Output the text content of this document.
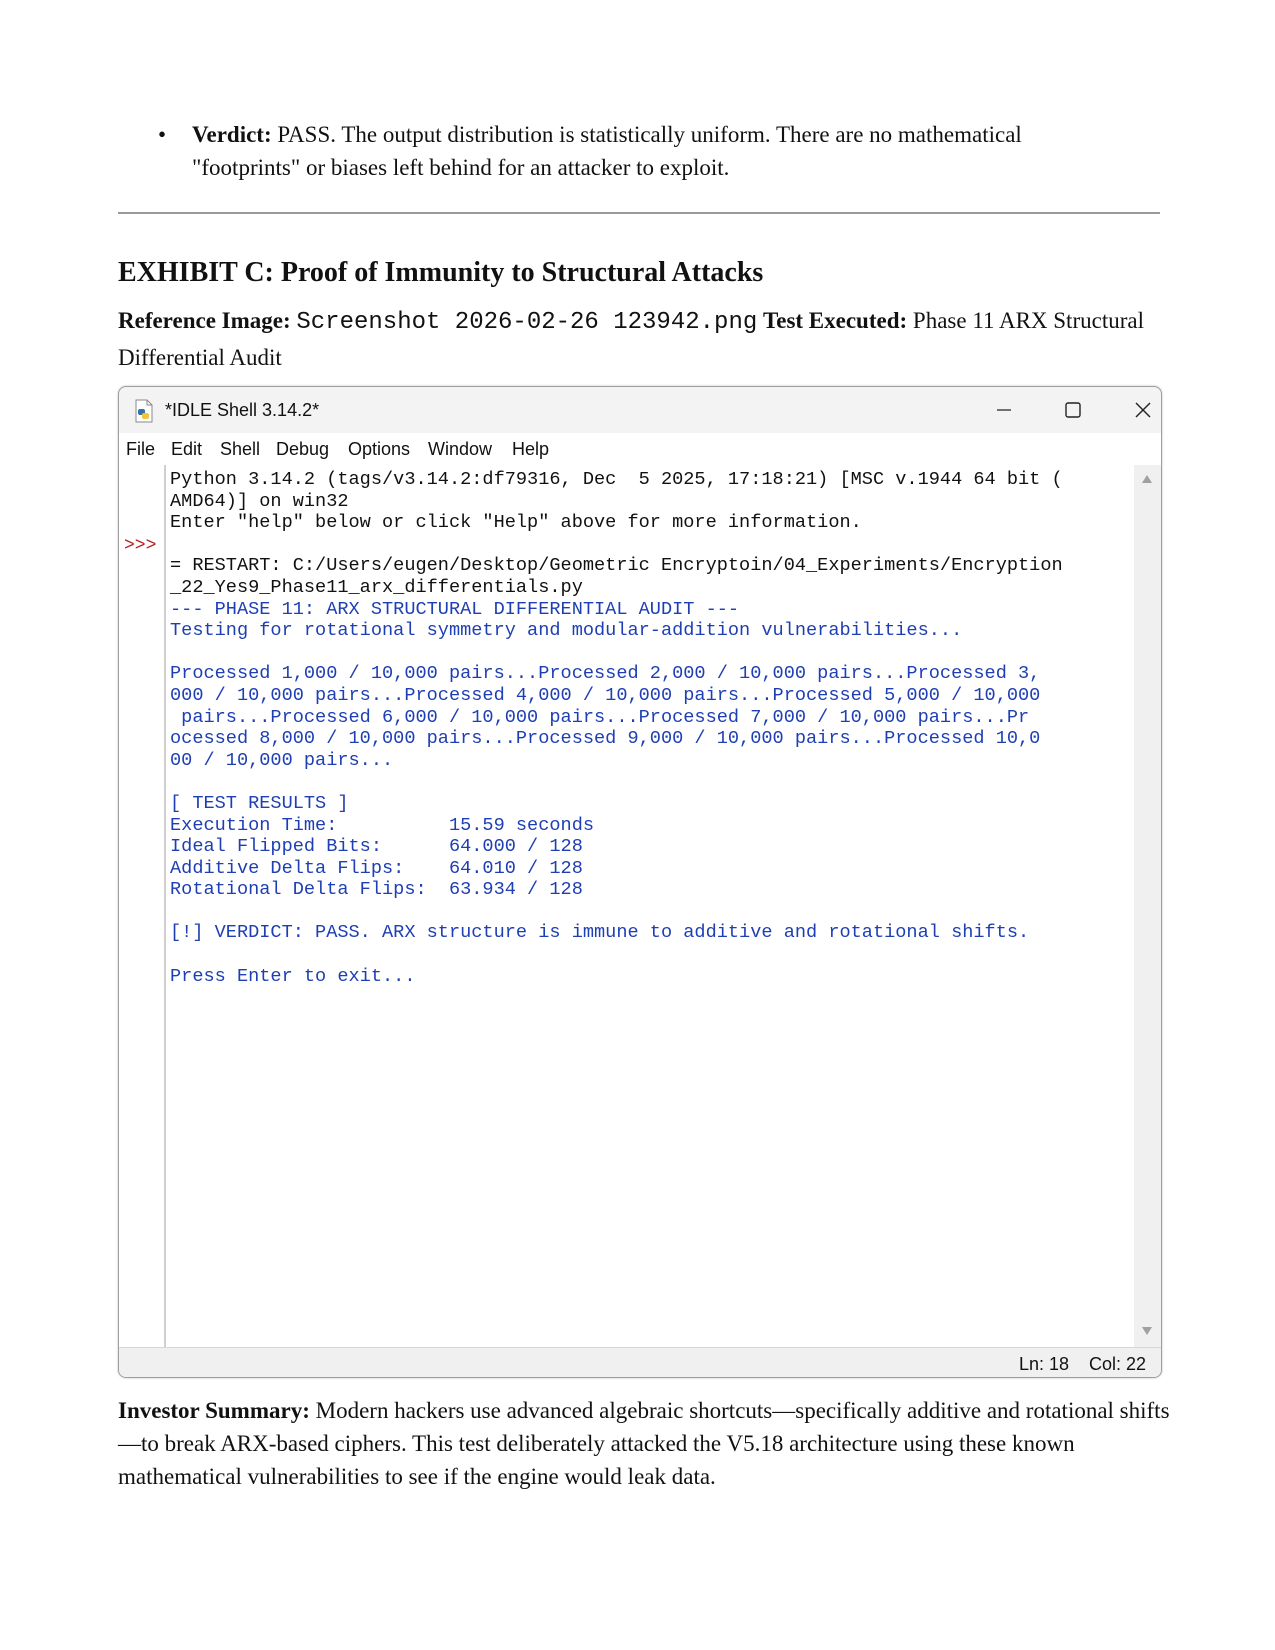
• Verdict: PASS. The output distribution is statistically uniform. There are no mathematical "footprints" or biases left behind for an attacker to exploit.
EXHIBIT C: Proof of Immunity to Structural Attacks
Reference Image: Screenshot 2026-02-26 123942.png Test Executed: Phase 11 ARX Structural Differential Audit
*IDLE Shell 3.14.2*
File Edit Shell Debug Options Window Help
>>>
Python 3.14.2 (tags/v3.14.2:df79316, Dec  5 2025, 17:18:21) [MSC v.1944 64 bit (
AMD64)] on win32
Enter "help" below or click "Help" above for more information.
= RESTART: C:/Users/eugen/Desktop/Geometric Encryptoin/04_Experiments/Encryption
_22_Yes9_Phase11_arx_differentials.py
--- PHASE 11: ARX STRUCTURAL DIFFERENTIAL AUDIT ---
Testing for rotational symmetry and modular-addition vulnerabilities...
Processed 1,000 / 10,000 pairs...Processed 2,000 / 10,000 pairs...Processed 3,
000 / 10,000 pairs...Processed 4,000 / 10,000 pairs...Processed 5,000 / 10,000
pairs...Processed 6,000 / 10,000 pairs...Processed 7,000 / 10,000 pairs...Pr
ocessed 8,000 / 10,000 pairs...Processed 9,000 / 10,000 pairs...Processed 10,0
00 / 10,000 pairs...
[ TEST RESULTS ]
Execution Time:          15.59 seconds
Ideal Flipped Bits:      64.000 / 128
Additive Delta Flips:    64.010 / 128
Rotational Delta Flips:  63.934 / 128
[!] VERDICT: PASS. ARX structure is immune to additive and rotational shifts.
Press Enter to exit...
Ln: 18 Col: 22
Investor Summary: Modern hackers use advanced algebraic shortcuts—specifically additive and rotational shifts—to break ARX-based ciphers. This test deliberately attacked the V5.18 architecture using these known mathematical vulnerabilities to see if the engine would leak data.
